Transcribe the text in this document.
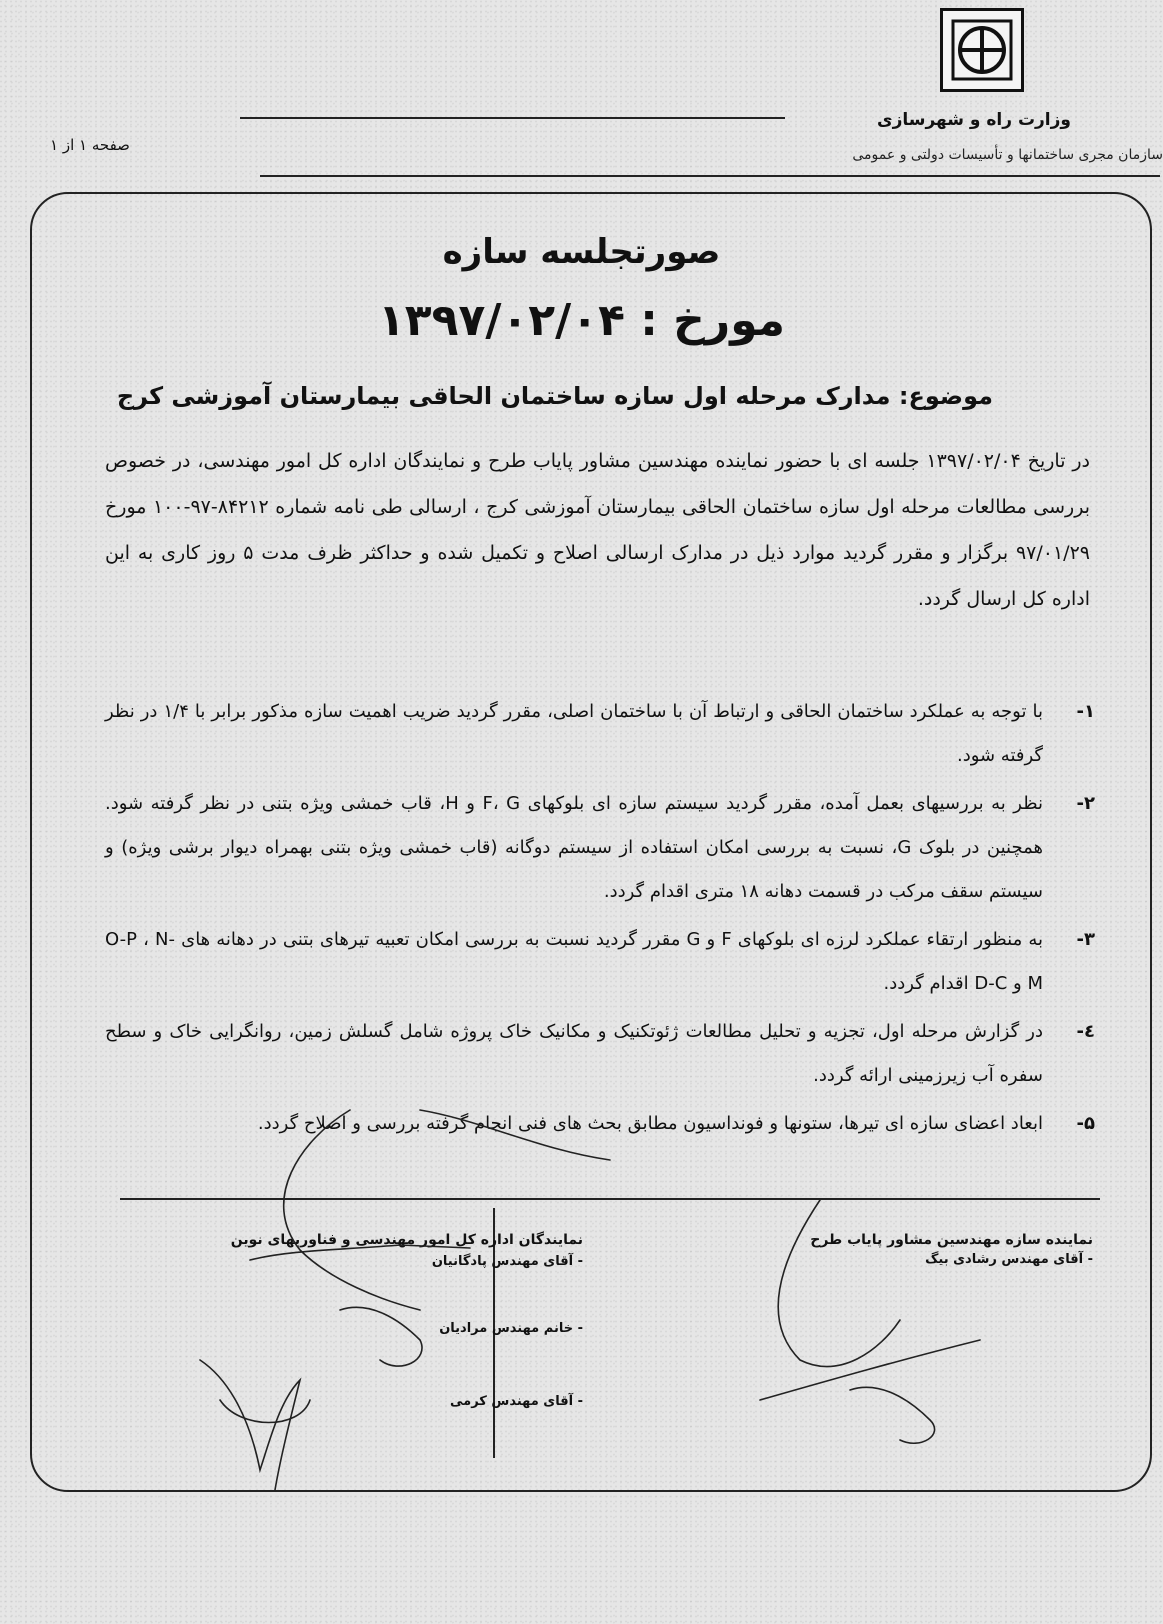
وزارت راه و شهرسازی
سازمان مجری ساختمانها و تأسیسات دولتی و عمومی
صفحه ۱ از ۱
صورتجلسه سازه
مورخ : ۱۳۹۷/۰۲/۰۴
موضوع: مدارک مرحله اول سازه ساختمان الحاقی بیمارستان آموزشی کرج
در تاریخ ۱۳۹۷/۰۲/۰۴ جلسه ای با حضور نماینده مهندسین مشاور پایاب طرح و نمایندگان اداره کل امور مهندسی، در خصوص بررسی مطالعات مرحله اول سازه ساختمان الحاقی بیمارستان آموزشی کرج ، ارسالی طی نامه شماره ۸۴۲۱۲-۹۷-۱۰۰ مورخ ۹۷/۰۱/۲۹ برگزار و مقرر گردید موارد ذیل در مدارک ارسالی اصلاح و تکمیل شده و حداکثر ظرف مدت ۵ روز کاری به این اداره کل ارسال گردد.
۱-
با توجه به عملکرد ساختمان الحاقی و ارتباط آن با ساختمان اصلی، مقرر گردید ضریب اهمیت سازه مذکور برابر با ۱/۴ در نظر گرفته شود.
۲-
نظر به بررسیهای بعمل آمده، مقرر گردید سیستم سازه ای بلوکهای F، G و H، قاب خمشی ویژه بتنی در نظر گرفته شود. همچنین در بلوک G، نسبت به بررسی امکان استفاده از سیستم دوگانه (قاب خمشی ویژه بتنی بهمراه دیوار برشی ویژه) و سیستم سقف مرکب در قسمت دهانه ۱۸ متری اقدام گردد.
۳-
به منظور ارتقاء عملکرد لرزه ای بلوکهای F و G مقرر گردید نسبت به بررسی امکان تعبیه تیرهای بتنی در دهانه های O-P ، N-M و D-C اقدام گردد.
٤-
در گزارش مرحله اول، تجزیه و تحلیل مطالعات ژئوتکنیک و مکانیک خاک پروژه شامل گسلش زمین، روانگرایی خاک و سطح سفره آب زیرزمینی ارائه گردد.
۵-
ابعاد اعضای سازه ای تیرها، ستونها و فونداسیون مطابق بحث های فنی انجام گرفته بررسی و اصلاح گردد.
نماینده سازه مهندسین مشاور پایاب طرح
- آقای مهندس رشادی بیگ
نمایندگان اداره کل امور مهندسی و فناوریهای نوین
- آقای مهندس پادگانیان
- خانم مهندس مرادیان
- آقای مهندس کرمی
